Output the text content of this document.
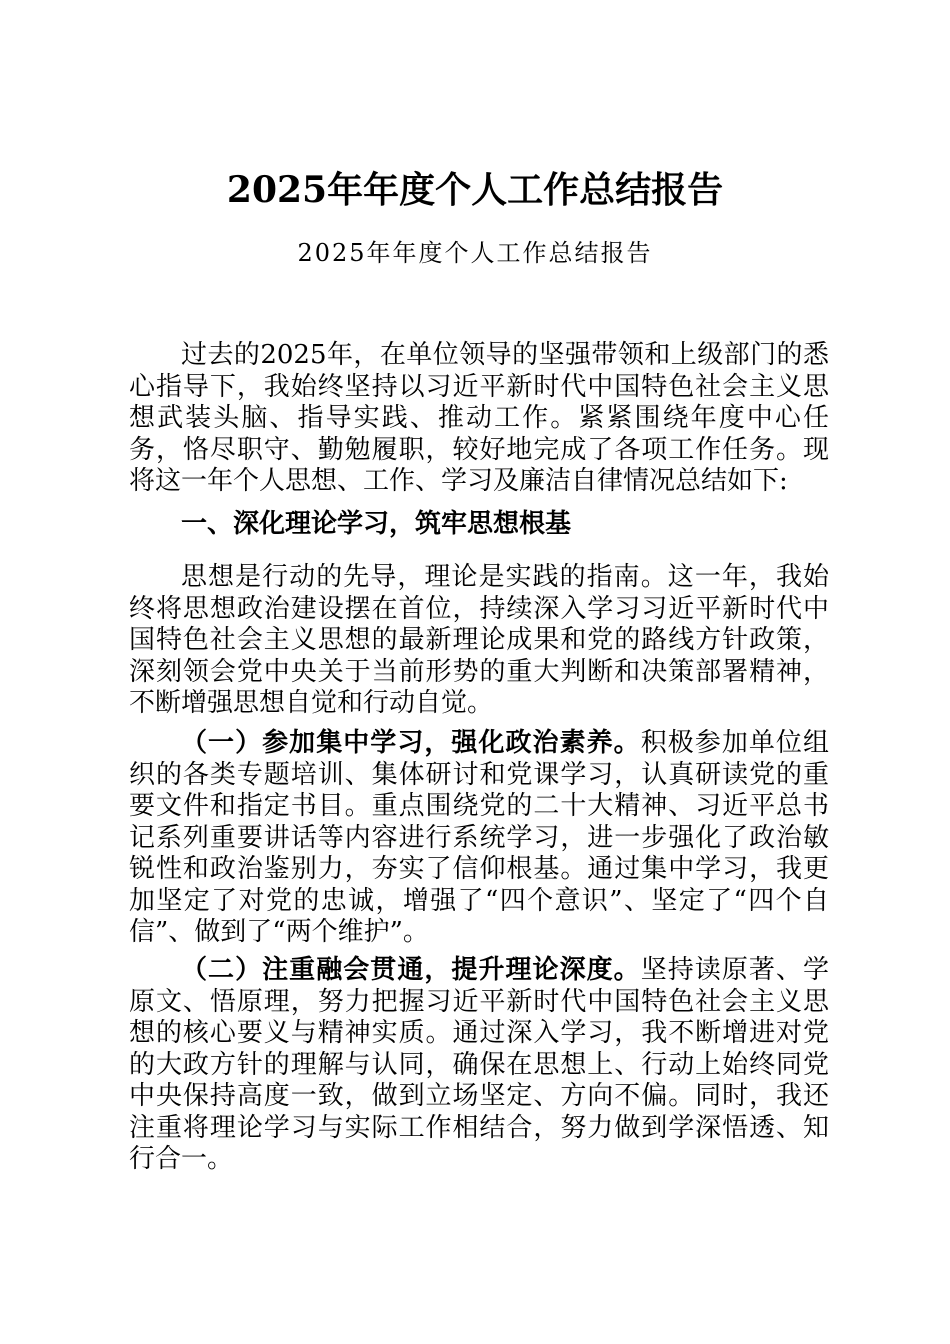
2025年年度个人工作总结报告

2025年年度个人工作总结报告

过去的2025年，在单位领导的坚强带领和上级部门的悉心指导下，我始终坚持以习近平新时代中国特色社会主义思想武装头脑、指导实践、推动工作。紧紧围绕年度中心任务，恪尽职守、勤勉履职，较好地完成了各项工作任务。现将这一年个人思想、工作、学习及廉洁自律情况总结如下:

一、深化理论学习，筑牢思想根基

思想是行动的先导，理论是实践的指南。这一年，我始终将思想政治建设摆在首位，持续深入学习习近平新时代中国特色社会主义思想的最新理论成果和党的路线方针政策，深刻领会党中央关于当前形势的重大判断和决策部署精神，不断增强思想自觉和行动自觉。

（一）参加集中学习，强化政治素养。积极参加单位组织的各类专题培训、集体研讨和党课学习，认真研读党的重要文件和指定书目。重点围绕党的二十大精神、习近平总书记系列重要讲话等内容进行系统学习，进一步强化了政治敏锐性和政治鉴别力，夯实了信仰根基。通过集中学习，我更加坚定了对党的忠诚，增强了“四个意识”、坚定了“四个自信”、做到了“两个维护”。

（二）注重融会贯通，提升理论深度。坚持读原著、学原文、悟原理，努力把握习近平新时代中国特色社会主义思想的核心要义与精神实质。通过深入学习，我不断增进对党的大政方针的理解与认同，确保在思想上、行动上始终同党中央保持高度一致，做到立场坚定、方向不偏。同时，我还注重将理论学习与实际工作相结合，努力做到学深悟透、知行合一。
